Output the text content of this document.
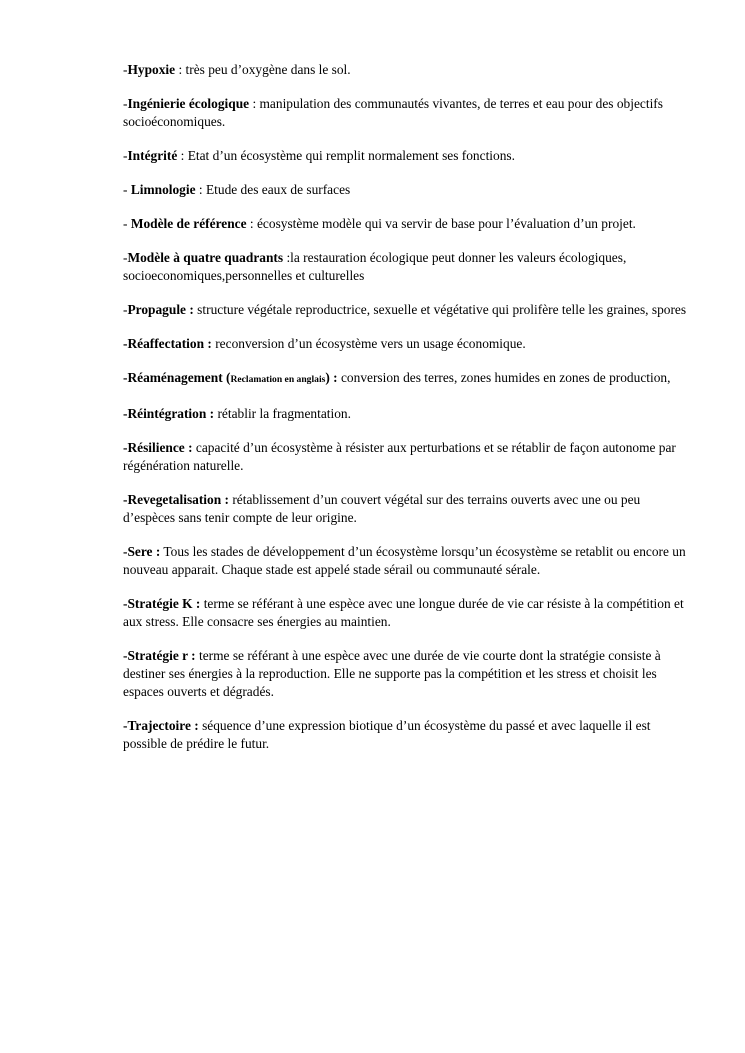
-Hypoxie : très peu d’oxygène dans le sol.

-Ingénierie écologique : manipulation des communautés vivantes, de terres et eau pour des objectifs socioéconomiques.

-Intégrité : Etat d’un écosystème qui remplit normalement ses fonctions.

- Limnologie : Etude des eaux de surfaces

- Modèle de référence : écosystème modèle qui va servir de base pour l’évaluation d’un projet.

-Modèle à quatre quadrants :la restauration écologique peut donner les valeurs écologiques, socioeconomiques,personnelles et culturelles

-Propagule : structure végétale reproductrice, sexuelle et végétative qui prolifère telle les graines, spores

-Réaffectation : reconversion d’un écosystème vers un usage économique.

-Réaménagement (Reclamation en anglais) : conversion des terres, zones humides en zones de production,

-Réintégration : rétablir la fragmentation.

-Résilience : capacité d’un écosystème à résister aux perturbations et se rétablir de façon autonome par régénération naturelle.

-Revegetalisation : rétablissement d’un couvert végétal sur des terrains ouverts avec une ou peu d’espèces sans tenir compte de leur origine.

-Sere : Tous les stades de développement d’un écosystème lorsqu’un écosystème se retablit ou encore un nouveau apparait. Chaque stade est appelé stade sérail ou communauté sérale.

-Stratégie K : terme se référant à une espèce avec une longue durée de vie car résiste à la compétition et aux stress. Elle consacre ses énergies au maintien.

-Stratégie r : terme se référant à une espèce avec une durée de vie courte dont la stratégie consiste à destiner ses énergies à la reproduction. Elle ne supporte pas la compétition et les stress et choisit les espaces ouverts et dégradés.

-Trajectoire : séquence d’une expression biotique d’un écosystème du passé et avec laquelle il est possible de prédire le futur.
